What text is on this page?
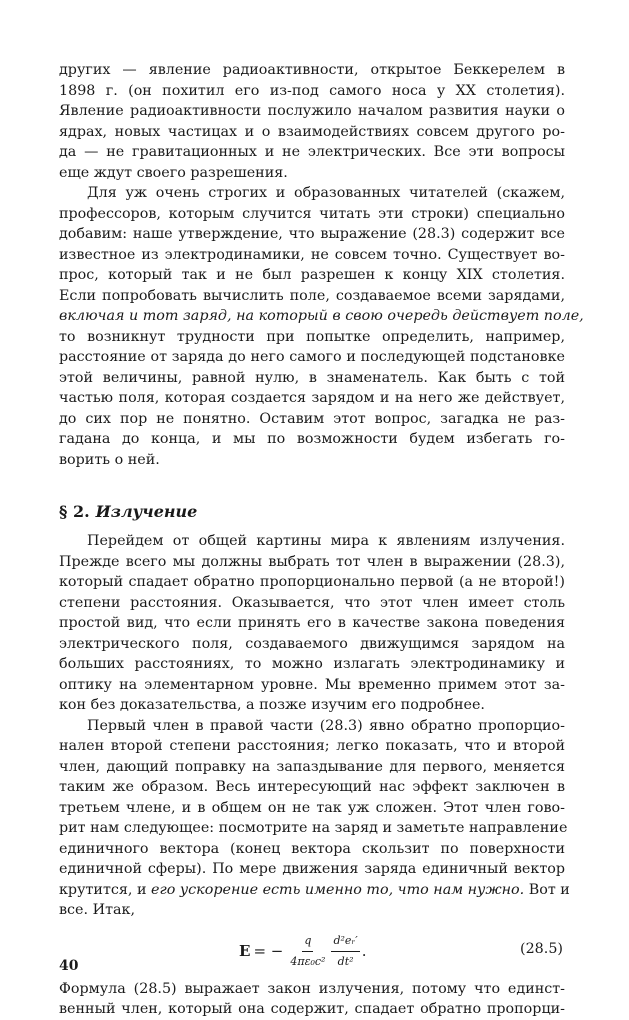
других — явление радиоактивности, открытое Беккерелем в
1898 г. (он похитил его из-под самого носа у XX столетия).
Явление радиоактивности послужило началом развития науки о
ядрах, новых частицах и о взаимодействиях совсем другого ро-
да — не гравитационных и не электрических. Все эти вопросы
еще ждут своего разрешения.
Для уж очень строгих и образованных читателей (скажем,
профессоров, которым случится читать эти строки) специально
добавим: наше утверждение, что выражение (28.3) содержит все
известное из электродинамики, не совсем точно. Существует во-
прос, который так и не был разрешен к концу XIX столетия.
Если попробовать вычислить поле, создаваемое всеми зарядами,
включая и тот заряд, на который в свою очередь действует поле,
то возникнут трудности при попытке определить, например,
расстояние от заряда до него самого и последующей подстановке
этой величины, равной нулю, в знаменатель. Как быть с той
частью поля, которая создается зарядом и на него же действует,
до сих пор не понятно. Оставим этот вопрос, загадка не раз-
гадана до конца, и мы по возможности будем избегать го-
ворить о ней.
§ 2. Излучение
Перейдем от общей картины мира к явлениям излучения.
Прежде всего мы должны выбрать тот член в выражении (28.3),
который спадает обратно пропорционально первой (а не второй!)
степени расстояния. Оказывается, что этот член имеет столь
простой вид, что если принять его в качестве закона поведения
электрического поля, создаваемого движущимся зарядом на
больших расстояниях, то можно излагать электродинамику и
оптику на элементарном уровне. Мы временно примем этот за-
кон без доказательства, а позже изучим его подробнее.
Первый член в правой части (28.3) явно обратно пропорцио-
нален второй степени расстояния; легко показать, что и второй
член, дающий поправку на запаздывание для первого, меняется
таким же образом. Весь интересующий нас эффект заключен в
третьем члене, и в общем он не так уж сложен. Этот член гово-
рит нам следующее: посмотрите на заряд и заметьте направление
единичного вектора (конец вектора скользит по поверхности
единичной сферы). По мере движения заряда единичный вектор
крутится, и его ускорение есть именно то, что нам нужно. Вот и
все. Итак,
E = − $\frac{q}{\text{4πε₀c²}} \frac{\text{d²eᵣ′}}{\text{dt²}}$ .	(28.5)
Формула (28.5) выражает закон излучения, потому что единст-
венный член, который она содержит, спадает обратно пропорци-
40
